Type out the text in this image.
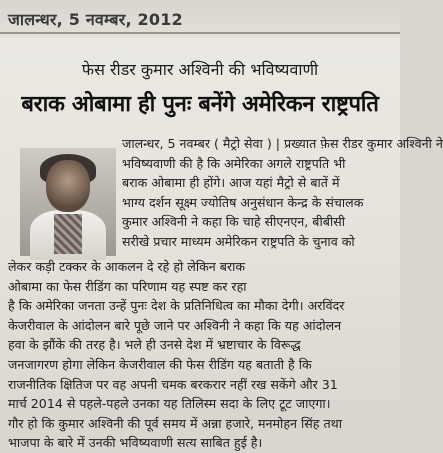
जालन्धर, 5 नवम्बर, 2012
फेस रीडर कुमार अश्विनी की भविष्यवाणी
बराक ओबामा ही पुनः बनेंगे अमेरिकन राष्ट्रपति
जालन्धर, 5 नवम्बर ( मैट्रो सेवा ) | प्रख्यात फ़ेस रीडर कुमार अश्विनी ने
भविष्यवाणी की है कि अमेरिका अगले राष्ट्रपति भी
बराक ओबामा ही होंगे। आज यहां मैट्रो से बातें में
भाग्य दर्शन सूक्ष्म ज्योतिष अनुसंधान केन्द्र के संचालक
कुमार अश्विनी ने कहा कि चाहे सीएनएन, बीबीसी
सरीखे प्रचार माध्यम अमेरिकन राष्ट्रपति के चुनाव को
लेकर कड़ी टक्कर के आकलन दे रहे हो लेकिन बराक
ओबामा का फेस रीडिंग का परिणाम यह स्पष्ट कर रहा
है कि अमेरिका जनता उन्हें पुनः देश के प्रतिनिधित्व का मौका देगी। अरविंदर
केजरीवाल के आंदोलन बारे पूछे जाने पर अश्विनी ने कहा कि यह आंदोलन
हवा के झौंके की तरह है। भले ही उनसे देश में भ्रष्टाचार के विरूद्ध
जनजागरण होगा लेकिन केजरीवाल की फेस रीडिंग यह बताती है कि
राजनीतिक क्षितिज पर वह अपनी चमक बरकरार नहीं रख सकेंगे और 31
मार्च 2014 से पहले-पहले उनका यह तिलिस्म सदा के लिए टूट जाएगा।
गौर हो कि कुमार अश्विनी की पूर्व समय में अन्ना हजारे, मनमोहन सिंह तथा
भाजपा के बारे में उनकी भविष्यवाणी सत्य साबित हुई है।
